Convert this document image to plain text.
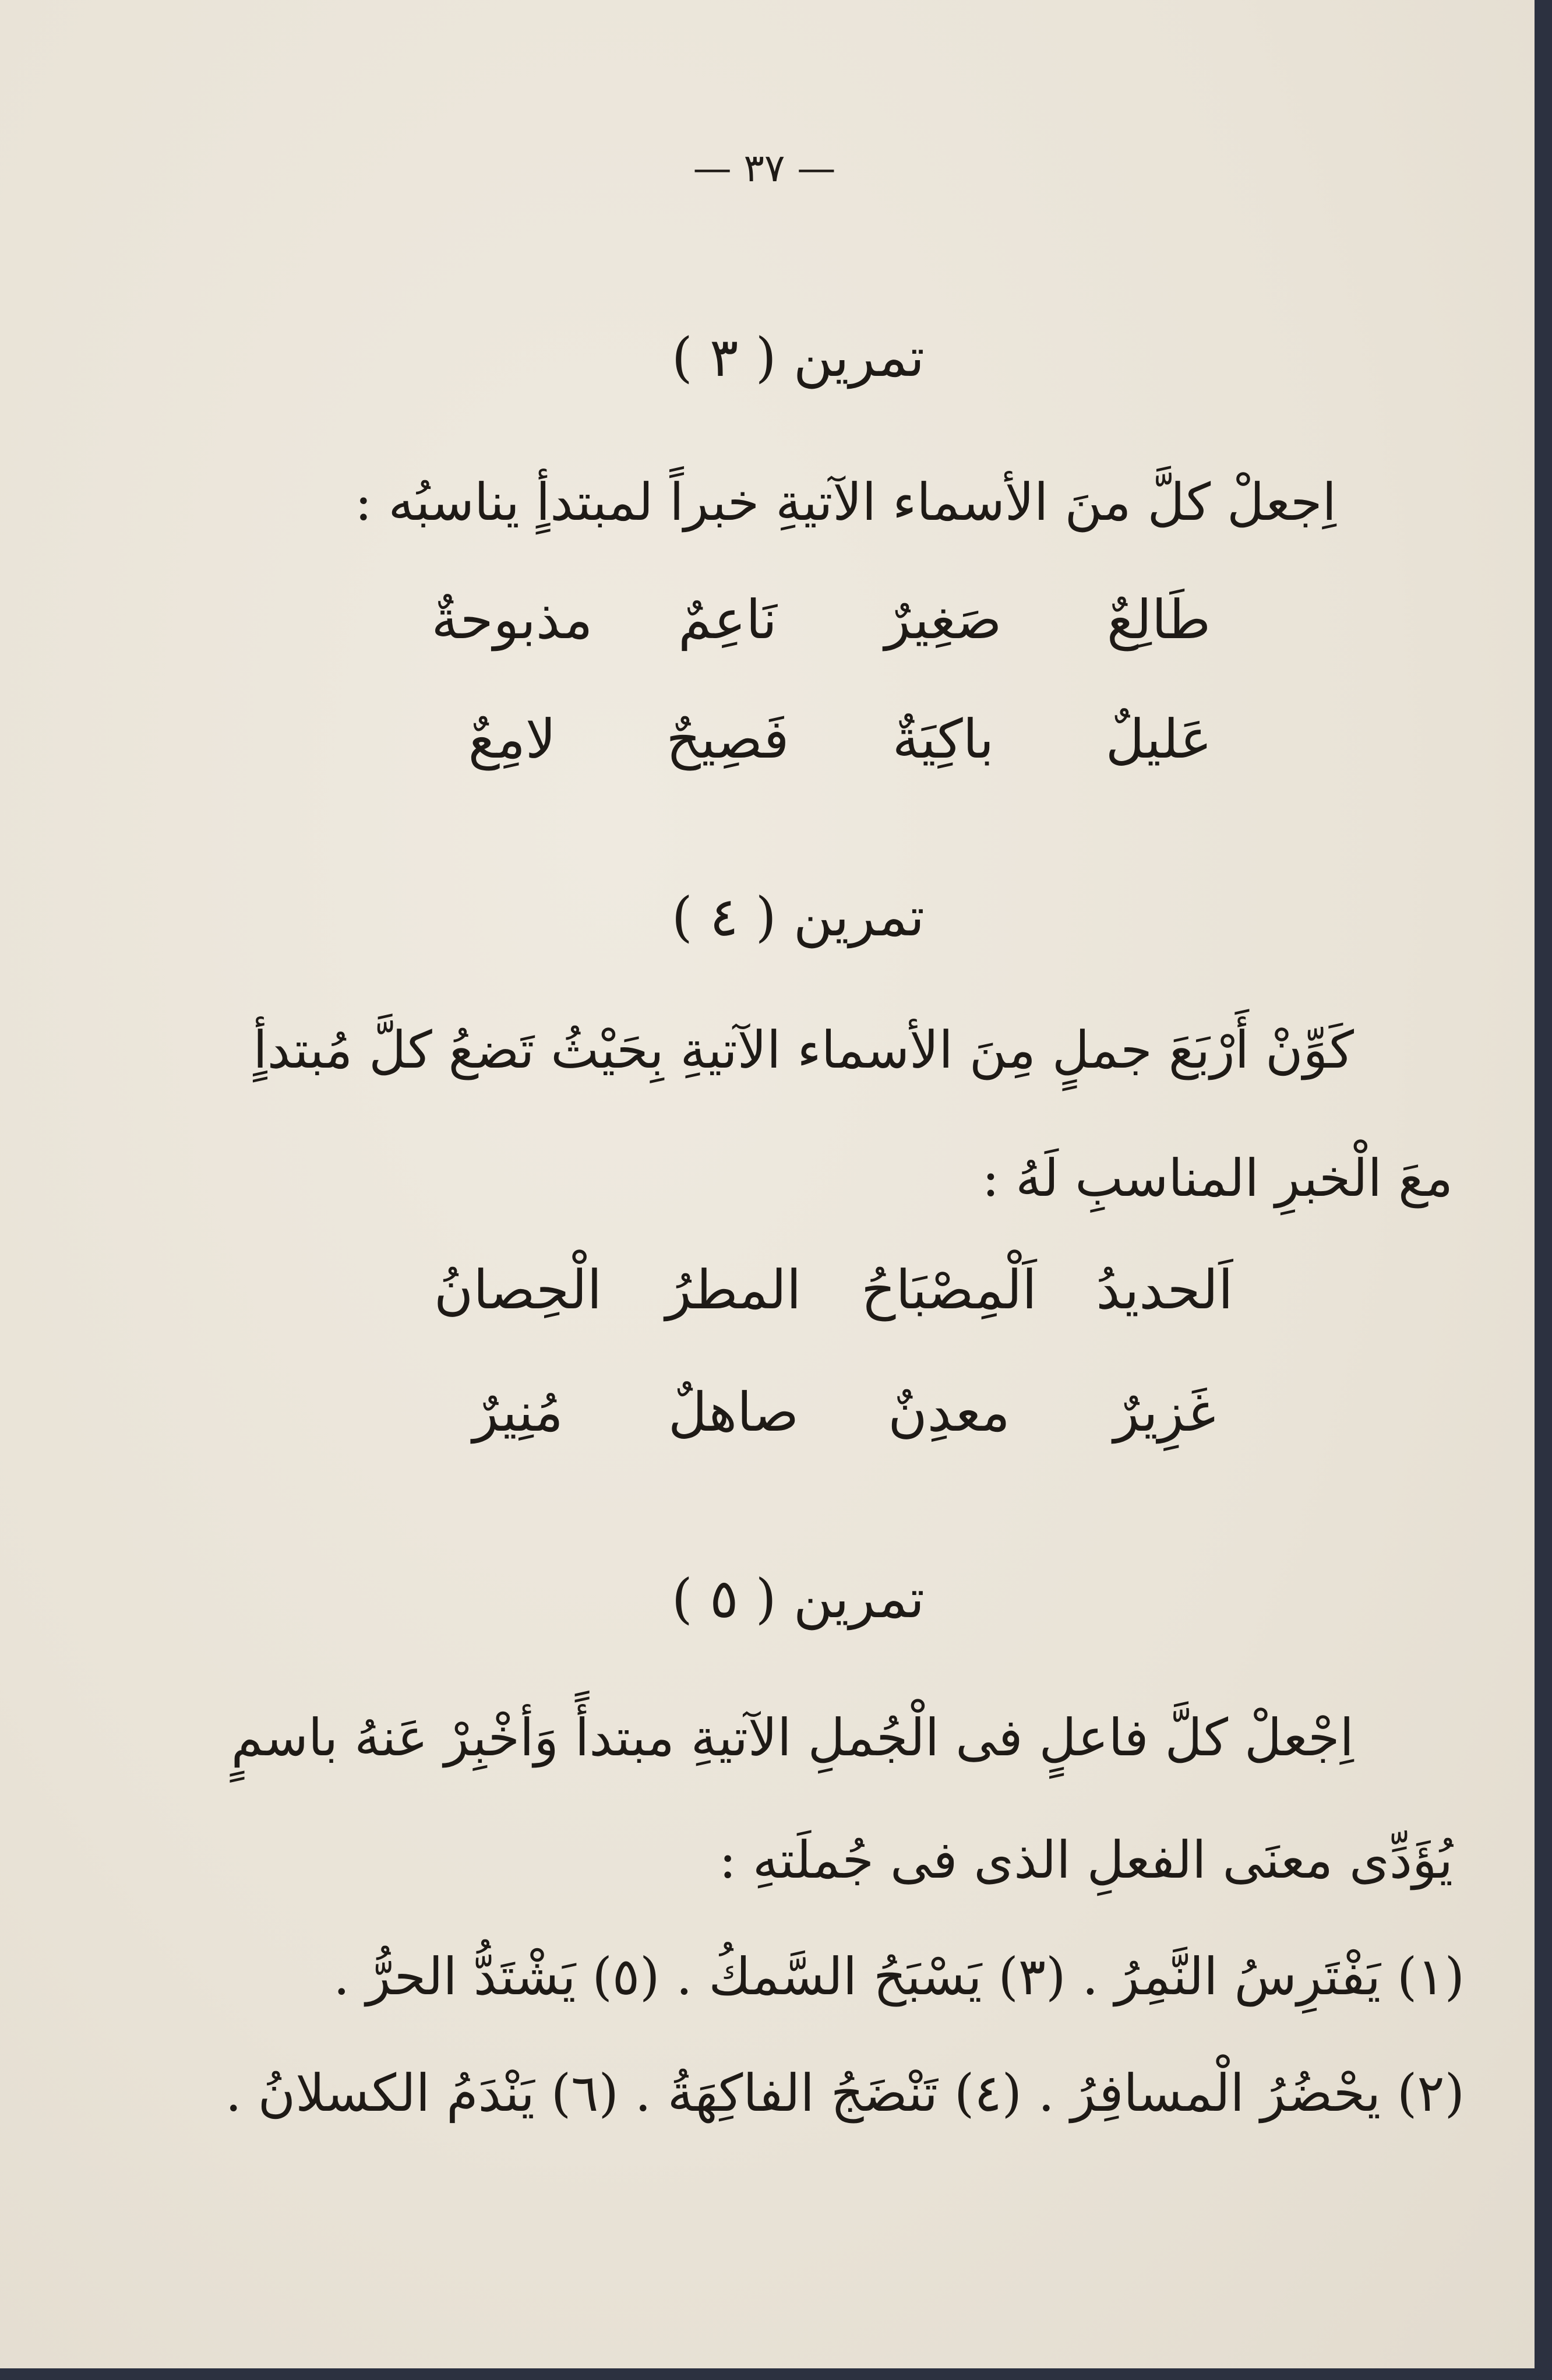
— ٣٧ —
تمرين ( ٣ )
اِجعلْ كلَّ منَ الأسماء الآتيةِ خبراً لمبتدأٍ يناسبُه :
طَالِعٌ
صَغِيرٌ
نَاعِمٌ
مذبوحةٌ
عَليلٌ
باكِيَةٌ
فَصِيحٌ
لامِعٌ
تمرين ( ٤ )
كَوِّنْ أَرْبَعَ جملٍ مِنَ الأسماء الآتيةِ بِحَيْثُ تَضعُ كلَّ مُبتدأٍ
معَ الْخبرِ المناسبِ لَهُ :
اَلحديدُ
اَلْمِصْبَاحُ
المطرُ
الْحِصانُ
غَزِيرٌ
معدِنٌ
صاهلٌ
مُنِيرٌ
تمرين ( ٥ )
اِجْعلْ كلَّ فاعلٍ فى الْجُملِ الآتيةِ مبتدأً وَأخْبِرْ عَنهُ باسمٍ
يُؤَدِّى معنَى الفعلِ الذى فى جُملَتهِ :
(١) يَفْتَرِسُ النَّمِرُ . (٣) يَسْبَحُ السَّمكُ . (٥) يَشْتَدُّ الحرُّ .
(٢) يحْضُرُ الْمسافِرُ . (٤) تَنْضَجُ الفاكِهَةُ . (٦) يَنْدَمُ الكسلانُ .
